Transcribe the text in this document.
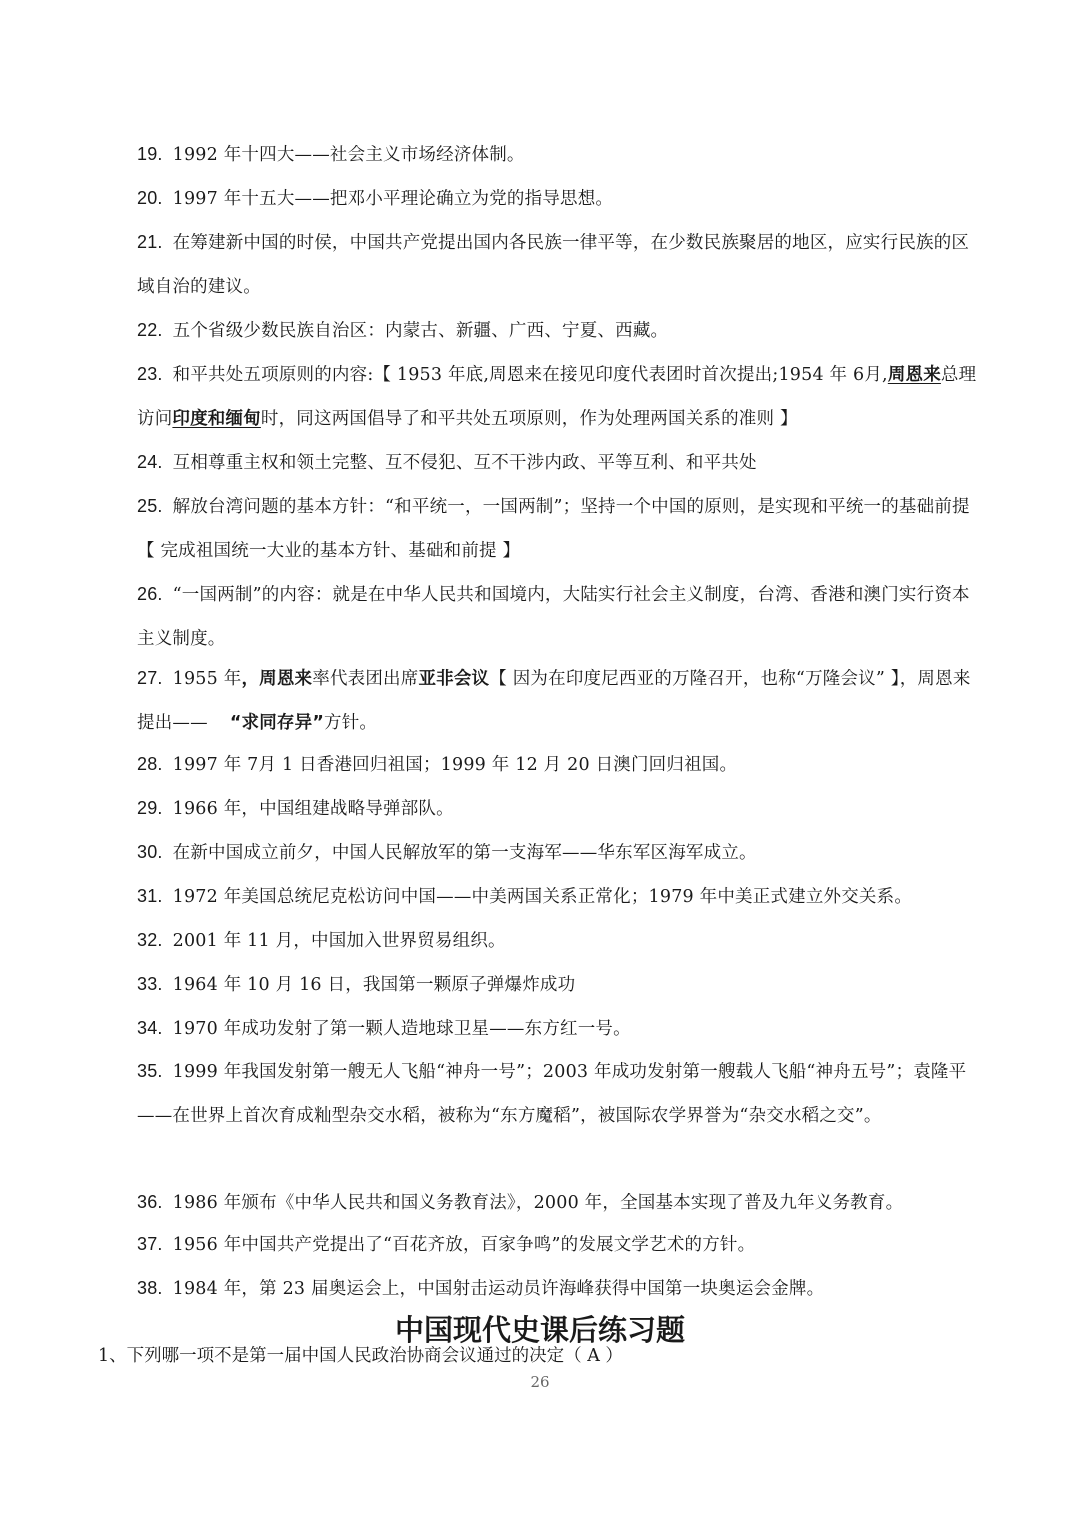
19. 1992 年十四大——社会主义市场经济体制。

20. 1997 年十五大——把邓小平理论确立为党的指导思想。

21. 在筹建新中国的时侯，中国共产党提出国内各民族一律平等，在少数民族聚居的地区，应实行民族的区域自治的建议。

22. 五个省级少数民族自治区：内蒙古、新疆、广西、宁夏、西藏。

23. 和平共处五项原则的内容:【 1953 年底,周恩来在接见印度代表团时首次提出;1954 年 6月,周恩来总理访问印度和缅甸时，同这两国倡导了和平共处五项原则，作为处理两国关系的准则 】

24. 互相尊重主权和领土完整、互不侵犯、互不干涉内政、平等互利、和平共处

25. 解放台湾问题的基本方针：“和平统一，一国两制”；坚持一个中国的原则，是实现和平统一的基础前提【 完成祖国统一大业的基本方针、基础和前提 】

26. “一国两制”的内容：就是在中华人民共和国境内，大陆实行社会主义制度，台湾、香港和澳门实行资本主义制度。

27. 1955 年，周恩来率代表团出席亚非会议【 因为在印度尼西亚的万隆召开，也称“万隆会议” 】，周恩来提出—— “求同存异”方针。

28. 1997 年 7月 1 日香港回归祖国；1999 年 12 月 20 日澳门回归祖国。

29. 1966 年，中国组建战略导弹部队。

30. 在新中国成立前夕，中国人民解放军的第一支海军——华东军区海军成立。

31. 1972 年美国总统尼克松访问中国——中美两国关系正常化；1979 年中美正式建立外交关系。

32. 2001 年 11 月，中国加入世界贸易组织。

33. 1964 年 10 月 16 日，我国第一颗原子弹爆炸成功

34. 1970 年成功发射了第一颗人造地球卫星——东方红一号。

35. 1999 年我国发射第一艘无人飞船“神舟一号”；2003 年成功发射第一艘载人飞船“神舟五号”；袁隆平——在世界上首次育成籼型杂交水稻，被称为“东方魔稻”，被国际农学界誉为“杂交水稻之交”。

36. 1986 年颁布《中华人民共和国义务教育法》，2000 年，全国基本实现了普及九年义务教育。

37. 1956 年中国共产党提出了“百花齐放，百家争鸣”的发展文学艺术的方针。

38. 1984 年，第 23 届奥运会上，中国射击运动员许海峰获得中国第一块奥运会金牌。

中国现代史课后练习题

1、下列哪一项不是第一届中国人民政治协商会议通过的决定（ A ）

26
